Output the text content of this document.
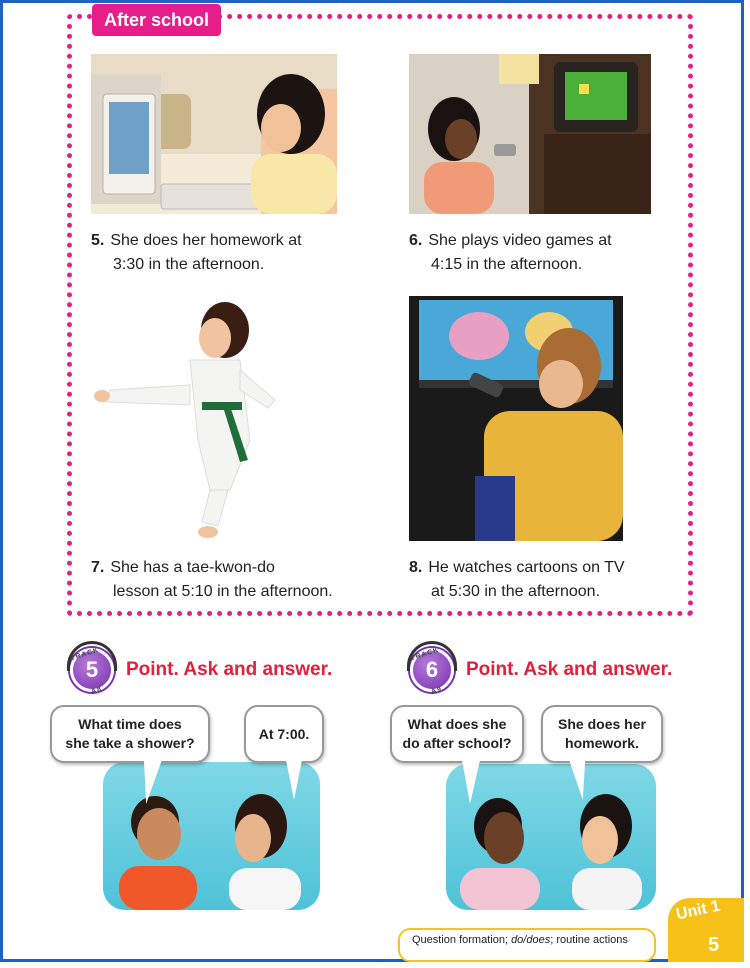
After school
5. She does her homework at
3:30 in the afternoon.
6. She plays video games at
4:15 in the afternoon.
7. She has a tae-kwon-do
lesson at 5:10 in the afternoon.
8. He watches cartoons on TV
at 5:30 in the afternoon.
TRACK A8
5	Point. Ask and answer.
What time does she take a shower?
At 7:00.
TRACK A9
6	Point. Ask and answer.
What does she do after school?
She does her homework.
Question formation; do/does; routine actions
Unit 1
5
